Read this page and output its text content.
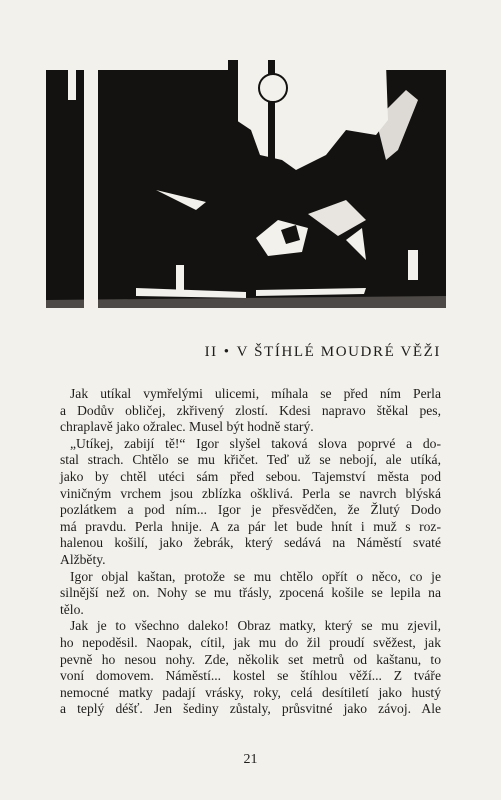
II • V ŠTÍHLÉ MOUDRÉ VĚŽI
Jak utíkal vymřelými ulicemi, míhala se před ním Perla
a Dodův obličej, zkřivený zlostí. Kdesi napravo štěkal pes,
chraplavě jako ožralec. Musel být hodně starý.
„Utíkej, zabijí tě!“ Igor slyšel taková slova poprvé a do-
stal strach. Chtělo se mu křičet. Teď už se nebojí, ale utíká,
jako by chtěl utéci sám před sebou. Tajemství města pod
viničným vrchem jsou zblízka ošklivá. Perla se navrch blýská
pozlátkem a pod ním... Igor je přesvědčen, že Žlutý Dodo
má pravdu. Perla hnije. A za pár let bude hnít i muž s roz-
halenou košilí, jako žebrák, který sedává na Náměstí svaté
Alžběty.
Igor objal kaštan, protože se mu chtělo opřít o něco, co je
silnější než on. Nohy se mu třásly, zpocená košile se lepila na
tělo.
Jak je to všechno daleko! Obraz matky, který se mu zjevil,
ho nepoděsil. Naopak, cítil, jak mu do žil proudí svěžest, jak
pevně ho nesou nohy. Zde, několik set metrů od kaštanu, to
voní domovem. Náměstí... kostel se štíhlou věží... Z tváře
nemocné matky padají vrásky, roky, celá desítiletí jako hustý
a teplý déšť. Jen šediny zůstaly, průsvitné jako závoj. Ale
21
